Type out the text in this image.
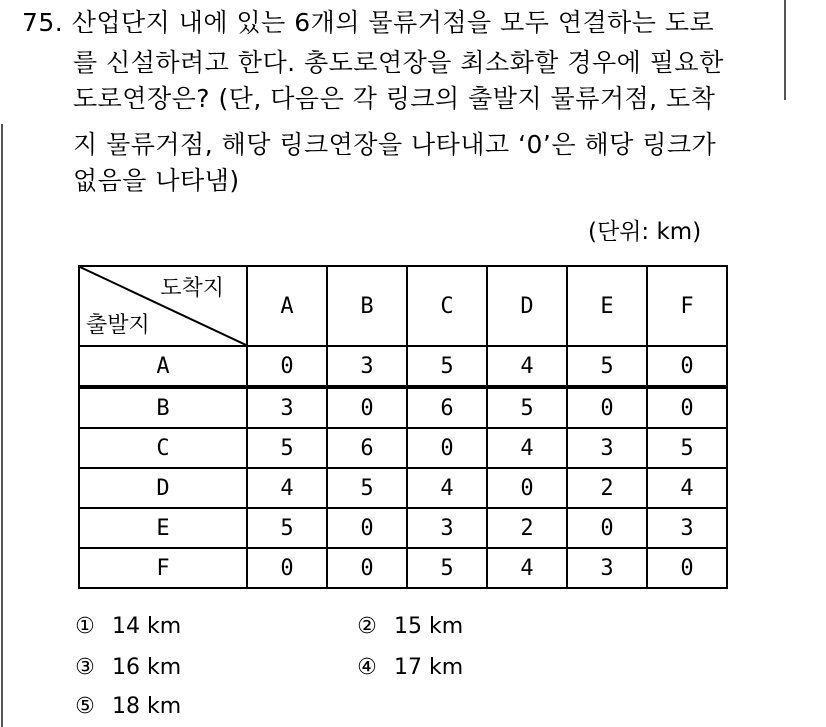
75. 산업단지 내에 있는 6개의 물류거점을 모두 연결하는 도로
를 신설하려고 한다. 총도로연장을 최소화할 경우에 필요한
도로연장은? (단, 다음은 각 링크의 출발지 물류거점, 도착
지 물류거점, 해당 링크연장을 나타내고 ‘0’은 해당 링크가
없음을 나타냄)
(단위: km)
도착지
출발지	A	B	C	D	E	F
A	0	3	5	4	5	0
B	3	0	6	5	0	0
C	5	6	0	4	3	5
D	4	5	4	0	2	4
E	5	0	3	2	0	3
F	0	0	5	4	3	0
① 14 km	② 15 km
③ 16 km	④ 17 km
⑤ 18 km
